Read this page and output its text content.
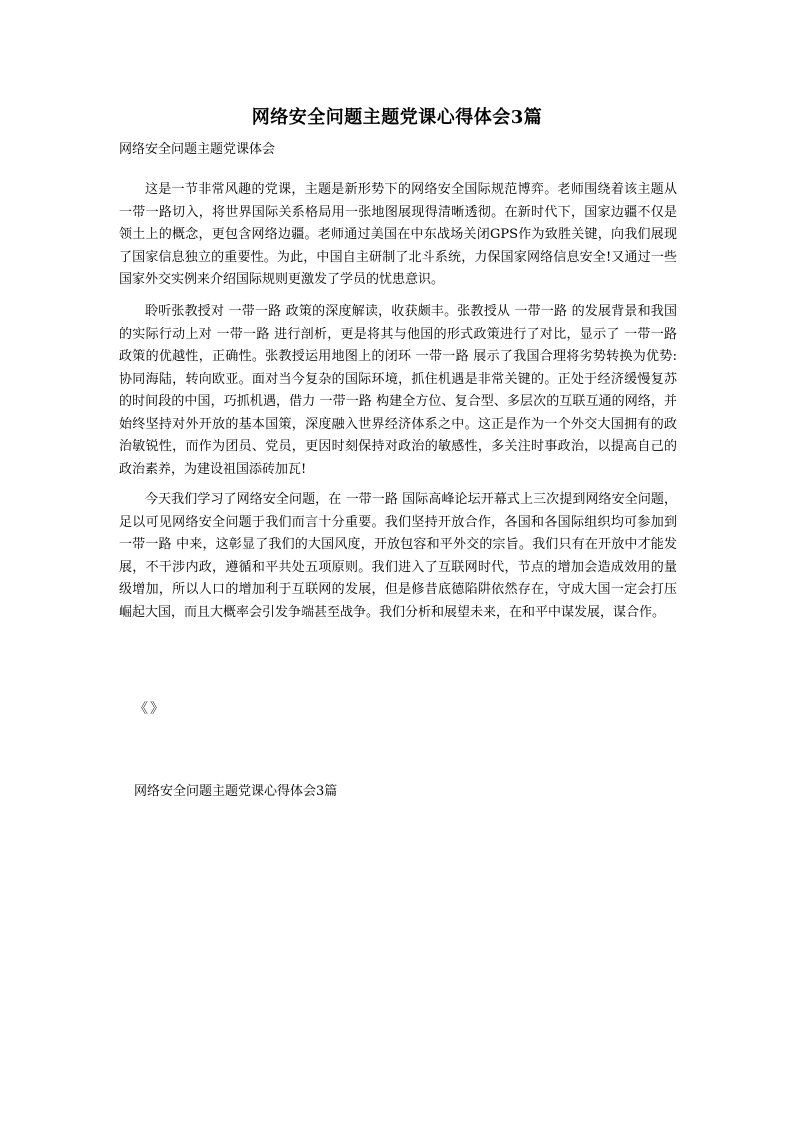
网络安全问题主题党课心得体会3篇
网络安全问题主题党课体会

这是一节非常风趣的党课，主题是新形势下的网络安全国际规范博弈。老师围绕着该主题从一带一路切入，将世界国际关系格局用一张地图展现得清晰透彻。在新时代下，国家边疆不仅是领土上的概念，更包含网络边疆。老师通过美国在中东战场关闭GPS作为致胜关键，向我们展现了国家信息独立的重要性。为此，中国自主研制了北斗系统，力保国家网络信息安全!又通过一些国家外交实例来介绍国际规则更激发了学员的忧患意识。

聆听张教授对 一带一路 政策的深度解读，收获颇丰。张教授从 一带一路 的发展背景和我国的实际行动上对 一带一路 进行剖析，更是将其与他国的形式政策进行了对比，显示了 一带一路 政策的优越性，正确性。张教授运用地图上的闭环 一带一路 展示了我国合理将劣势转换为优势: 协同海陆，转向欧亚。面对当今复杂的国际环境，抓住机遇是非常关键的。正处于经济缓慢复苏的时间段的中国，巧抓机遇，借力 一带一路 构建全方位、复合型、多层次的互联互通的网络，并始终坚持对外开放的基本国策，深度融入世界经济体系之中。这正是作为一个外交大国拥有的政治敏锐性，而作为团员、党员，更因时刻保持对政治的敏感性，多关注时事政治，以提高自己的政治素养，为建设祖国添砖加瓦!

今天我们学习了网络安全问题，在 一带一路 国际高峰论坛开幕式上三次提到网络安全问题，足以可见网络安全问题于我们而言十分重要。我们坚持开放合作，各国和各国际组织均可参加到 一带一路 中来，这彰显了我们的大国风度，开放包容和平外交的宗旨。我们只有在开放中才能发展，不干涉内政，遵循和平共处五项原则。我们进入了互联网时代，节点的增加会造成效用的量级增加，所以人口的增加利于互联网的发展，但是修昔底德陷阱依然存在，守成大国一定会打压崛起大国，而且大概率会引发争端甚至战争。我们分析和展望未来，在和平中谋发展，谋合作。

《》
网络安全问题主题党课心得体会3篇
